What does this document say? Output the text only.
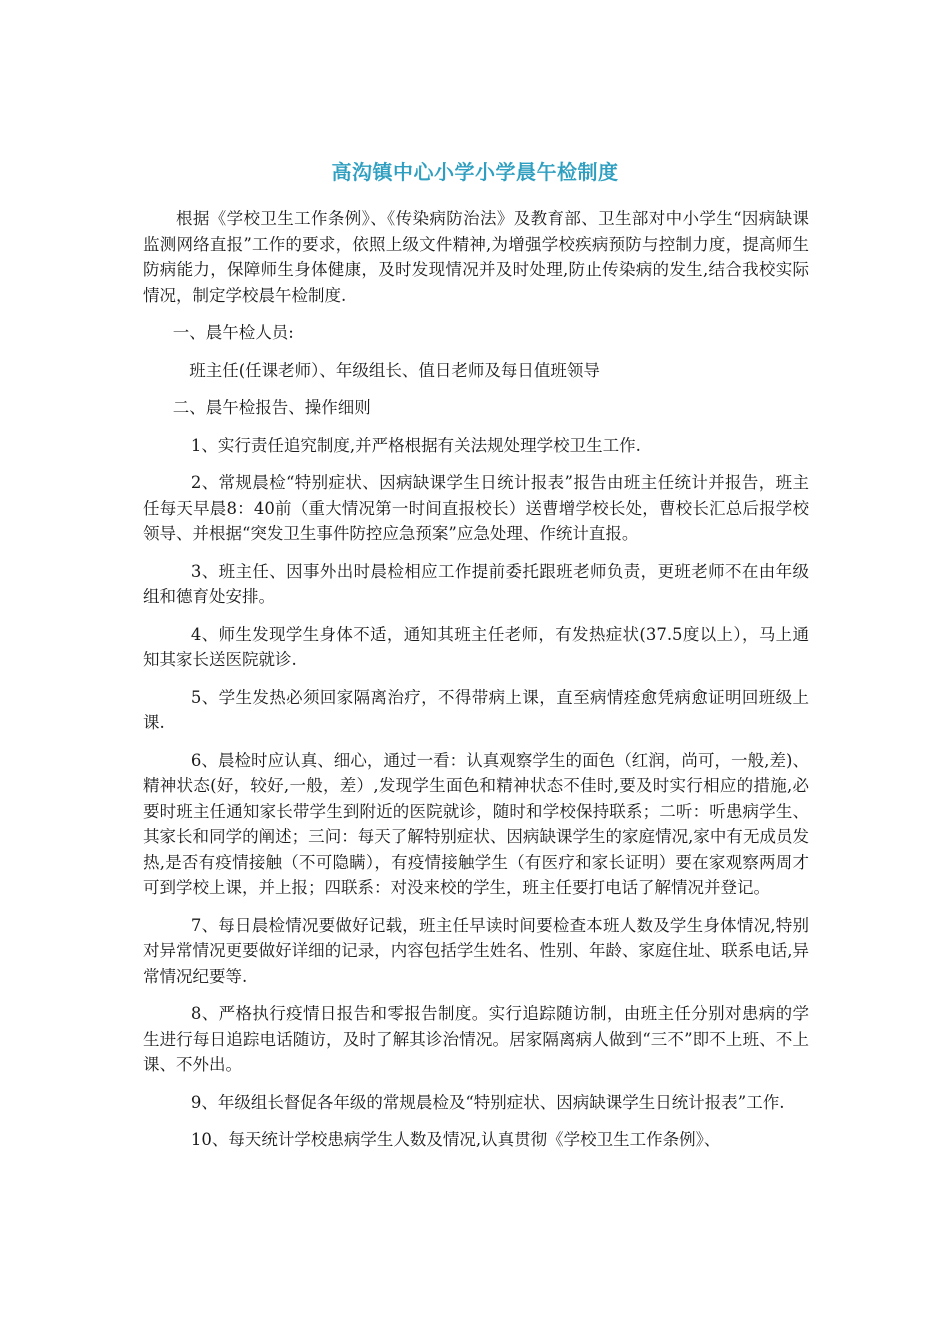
高沟镇中心小学小学晨午检制度

根据《学校卫生工作条例》、《传染病防治法》及教育部、卫生部对中小学生“因病缺课监测网络直报”工作的要求，依照上级文件精神,为增强学校疾病预防与控制力度，提高师生防病能力，保障师生身体健康，及时发现情况并及时处理,防止传染病的发生,结合我校实际情况，制定学校晨午检制度.

一、晨午检人员:

班主任(任课老师）、年级组长、值日老师及每日值班领导

二、晨午检报告、操作细则

1、实行责任追究制度,并严格根据有关法规处理学校卫生工作.

2、常规晨检“特别症状、因病缺课学生日统计报表”报告由班主任统计并报告，班主任每天早晨8：40前（重大情况第一时间直报校长）送曹增学校长处，曹校长汇总后报学校领导、并根据“突发卫生事件防控应急预案”应急处理、作统计直报。

3、班主任、因事外出时晨检相应工作提前委托跟班老师负责，更班老师不在由年级组和德育处安排。

4、师生发现学生身体不适，通知其班主任老师，有发热症状(37.5度以上），马上通知其家长送医院就诊.

5、学生发热必须回家隔离治疗，不得带病上课，直至病情痊愈凭病愈证明回班级上课.

6、晨检时应认真、细心，通过一看：认真观察学生的面色（红润，尚可，一般,差)、精神状态(好，较好,一般，差）,发现学生面色和精神状态不佳时,要及时实行相应的措施,必要时班主任通知家长带学生到附近的医院就诊，随时和学校保持联系；二听：听患病学生、其家长和同学的阐述；三问：每天了解特别症状、因病缺课学生的家庭情况,家中有无成员发热,是否有疫情接触（不可隐瞒），有疫情接触学生（有医疗和家长证明）要在家观察两周才可到学校上课，并上报；四联系：对没来校的学生，班主任要打电话了解情况并登记。

7、每日晨检情况要做好记载，班主任早读时间要检查本班人数及学生身体情况,特别对异常情况更要做好详细的记录，内容包括学生姓名、性别、年龄、家庭住址、联系电话,异常情况纪要等.

8、严格执行疫情日报告和零报告制度。实行追踪随访制，由班主任分别对患病的学生进行每日追踪电话随访，及时了解其诊治情况。居家隔离病人做到“三不”即不上班、不上课、不外出。

9、年级组长督促各年级的常规晨检及“特别症状、因病缺课学生日统计报表”工作.

10、每天统计学校患病学生人数及情况,认真贯彻《学校卫生工作条例》、
